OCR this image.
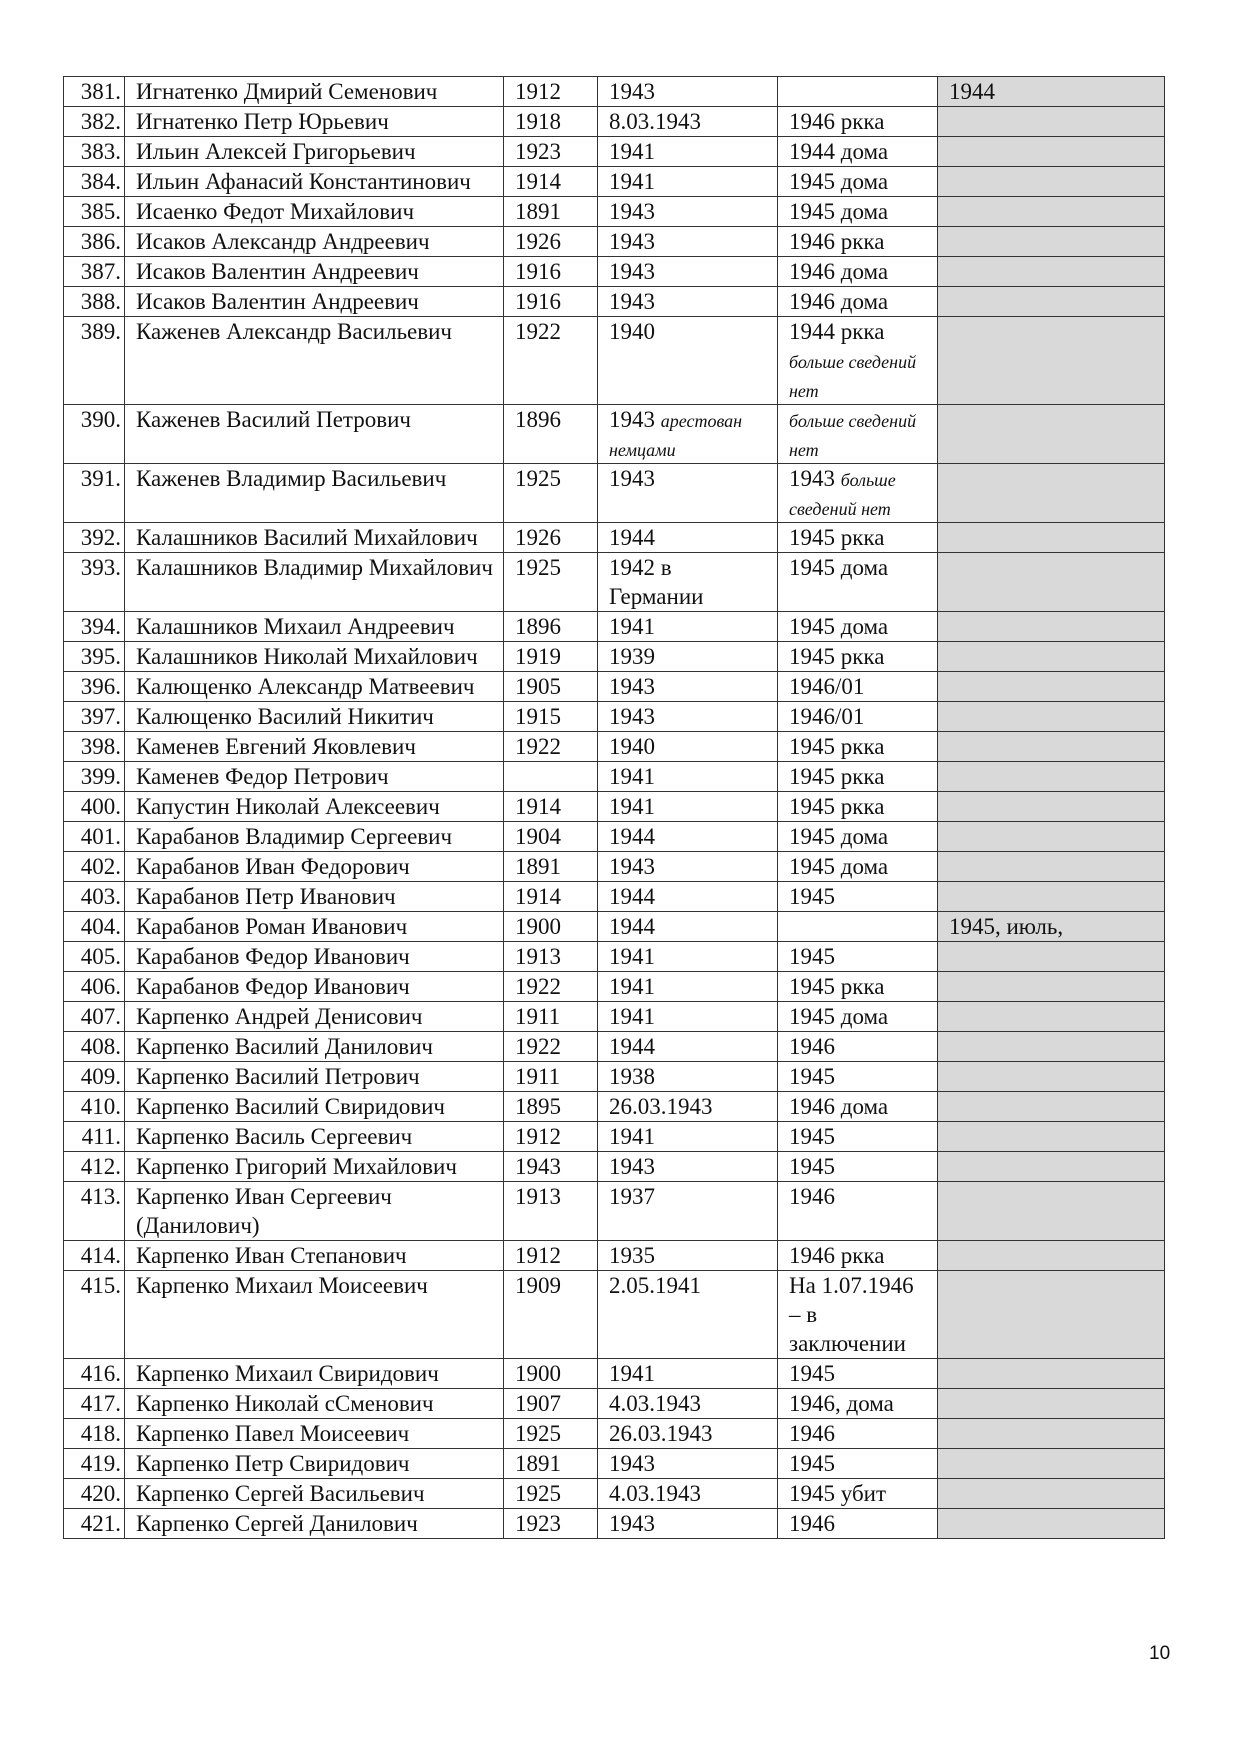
381.	Игнатенко Дмирий Семенович	1912	1943		1944
382.	Игнатенко Петр Юрьевич	1918	8.03.1943	1946 ркка	
383.	Ильин Алексей Григорьевич	1923	1941	1944 дома	
384.	Ильин Афанасий Константинович	1914	1941	1945 дома	
385.	Исаенко Федот Михайлович	1891	1943	1945 дома	
386.	Исаков Александр Андреевич	1926	1943	1946 ркка	
387.	Исаков Валентин Андреевич	1916	1943	1946 дома	
388.	Исаков Валентин Андреевич	1916	1943	1946 дома	
389.	Каженев Александр Васильевич	1922	1940	1944 ркка больше сведений нет	
390.	Каженев Василий Петрович	1896	1943 арестован немцами	больше сведений нет	
391.	Каженев Владимир Васильевич	1925	1943	1943 больше сведений нет	
392.	Калашников Василий Михайлович	1926	1944	1945 ркка	
393.	Калашников Владимир Михайлович	1925	1942 в Германии	1945 дома	
394.	Калашников Михаил Андреевич	1896	1941	1945 дома	
395.	Калашников Николай Михайлович	1919	1939	1945 ркка	
396.	Калющенко Александр Матвеевич	1905	1943	1946/01	
397.	Калющенко Василий Никитич	1915	1943	1946/01	
398.	Каменев Евгений Яковлевич	1922	1940	1945 ркка	
399.	Каменев Федор Петрович		1941	1945 ркка	
400.	Капустин Николай Алексеевич	1914	1941	1945 ркка	
401.	Карабанов Владимир Сергеевич	1904	1944	1945 дома	
402.	Карабанов Иван Федорович	1891	1943	1945 дома	
403.	Карабанов Петр Иванович	1914	1944	1945	
404.	Карабанов Роман Иванович	1900	1944		1945, июль,
405.	Карабанов Федор Иванович	1913	1941	1945	
406.	Карабанов Федор Иванович	1922	1941	1945 ркка	
407.	Карпенко Андрей Денисович	1911	1941	1945 дома	
408.	Карпенко Василий Данилович	1922	1944	1946	
409.	Карпенко Василий Петрович	1911	1938	1945	
410.	Карпенко Василий Свиридович	1895	26.03.1943	1946 дома	
411.	Карпенко Василь Сергеевич	1912	1941	1945	
412.	Карпенко Григорий Михайлович	1943	1943	1945	
413.	Карпенко Иван Сергеевич (Данилович)	1913	1937	1946	
414.	Карпенко Иван Степанович	1912	1935	1946 ркка	
415.	Карпенко Михаил Моисеевич	1909	2.05.1941	На 1.07.1946 – в заключении	
416.	Карпенко Михаил Свиридович	1900	1941	1945	
417.	Карпенко Николай сСменович	1907	4.03.1943	1946, дома	
418.	Карпенко Павел Моисеевич	1925	26.03.1943	1946	
419.	Карпенко Петр Свиридович	1891	1943	1945	
420.	Карпенко Сергей Васильевич	1925	4.03.1943	1945 убит	
421.	Карпенко Сергей Данилович	1923	1943	1946	
10
